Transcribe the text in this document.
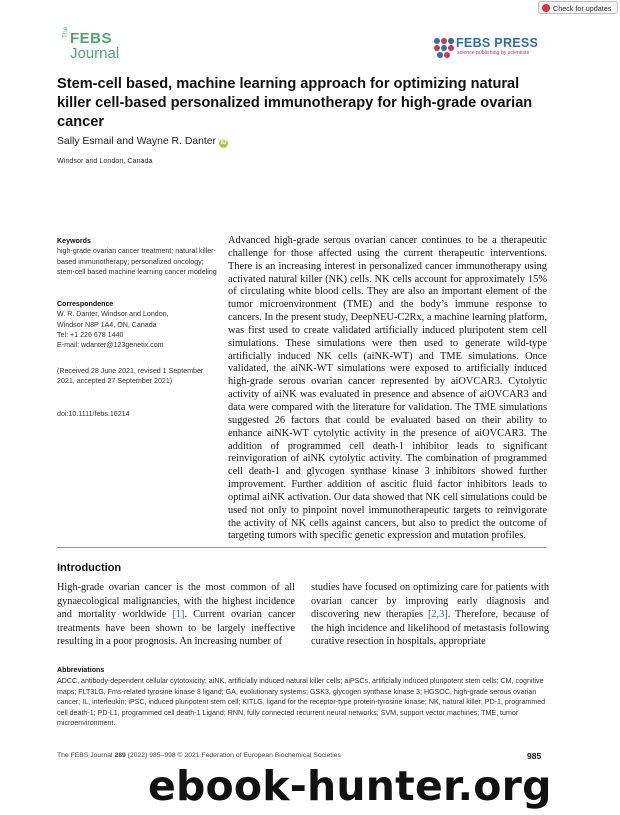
Check for updates
The FEBS
Journal
FEBS PRESS
science publishing by scientists
Stem-cell based, machine learning approach for optimizing natural killer cell-based personalized immunotherapy for high-grade ovarian cancer
Sally Esmail and Wayne R. Danter iD
Windsor and London, Canada

Keywords

high-grade ovarian cancer treatment; natural killer-based immunotherapy; personalized oncology; stem-cell based machine learning cancer modeling

Correspondence

W. R. Danter, Windsor and London,

Windsor N8P 1A4, ON, Canada

Tel: +1 226 678 1440

E-mail: wdanter@123genetix.com

(Received 28 June 2021, revised 1 September 2021, accepted 27 September 2021)
doi:10.1111/febs.16214

Advanced high-grade serous ovarian cancer continues to be a therapeutic challenge for those affected using the current therapeutic interventions. There is an increasing interest in personalized cancer immunotherapy using activated natural killer (NK) cells. NK cells account for approximately 15% of circulating white blood cells. They are also an important element of the tumor microenvironment (TME) and the body’s immune response to cancers. In the present study, DeepNEU-C2Rx, a machine learning platform, was first used to create validated artificially induced pluripotent stem cell simulations. These simulations were then used to generate wild-type artificially induced NK cells (aiNK-WT) and TME simulations. Once validated, the aiNK-WT simulations were exposed to artificially induced high-grade serous ovarian cancer represented by aiOVCAR3. Cytolytic activity of aiNK was evaluated in presence and absence of aiOVCAR3 and data were compared with the literature for validation. The TME simulations suggested 26 factors that could be evaluated based on their ability to enhance aiNK-WT cytolytic activity in the presence of aiOVCAR3. The addition of programmed cell death-1 inhibitor leads to significant reinvigoration of aiNK cytolytic activity. The combination of programmed cell death-1 and glycogen synthase kinase 3 inhibitors showed further improvement. Further addition of ascitic fluid factor inhibitors leads to optimal aiNK activation. Our data showed that NK cell simulations could be used not only to pinpoint novel immunotherapeutic targets to reinvigorate the activity of NK cells against cancers, but also to predict the outcome of targeting tumors with specific genetic expression and mutation profiles.

Introduction

High-grade ovarian cancer is the most common of all gynaecological malignancies, with the highest incidence and mortality worldwide [1]. Current ovarian cancer treatments have been shown to be largely ineffective resulting in a poor prognosis. An increasing number of

studies have focused on optimizing care for patients with ovarian cancer by improving early diagnosis and discovering new therapies [2,3]. Therefore, because of the high incidence and likelihood of metastasis following curative resection in hospitals, appropriate

Abbreviations

ADCC, antibody-dependent cellular cytotoxicity; aiNK, artificially induced natural killer cells; aiPSCs, artificially induced pluripotent stem cells; CM, cognitive maps; FLT3LG, Fms-related tyrosine kinase 3 ligand; GA, evolutionary systems; GSK3, glycogen synthase kinase 3; HGSOC, high-grade serous ovarian cancer; IL, interleukin; iPSC, induced pluripotent stem cell; KITLG, ligand for the receptor-type protein-tyrosine kinase; NK, natural killer; PD-1, programmed cell death-1; PD-L1, programmed cell death-1 Ligand; RNN, fully connected recurrent neural networks; SVM, support vector machines; TME, tumor microenvironment.

The FEBS Journal 289 (2022) 985–998 © 2021 Federation of European Biochemical Societies	985
ebook-hunter.org
